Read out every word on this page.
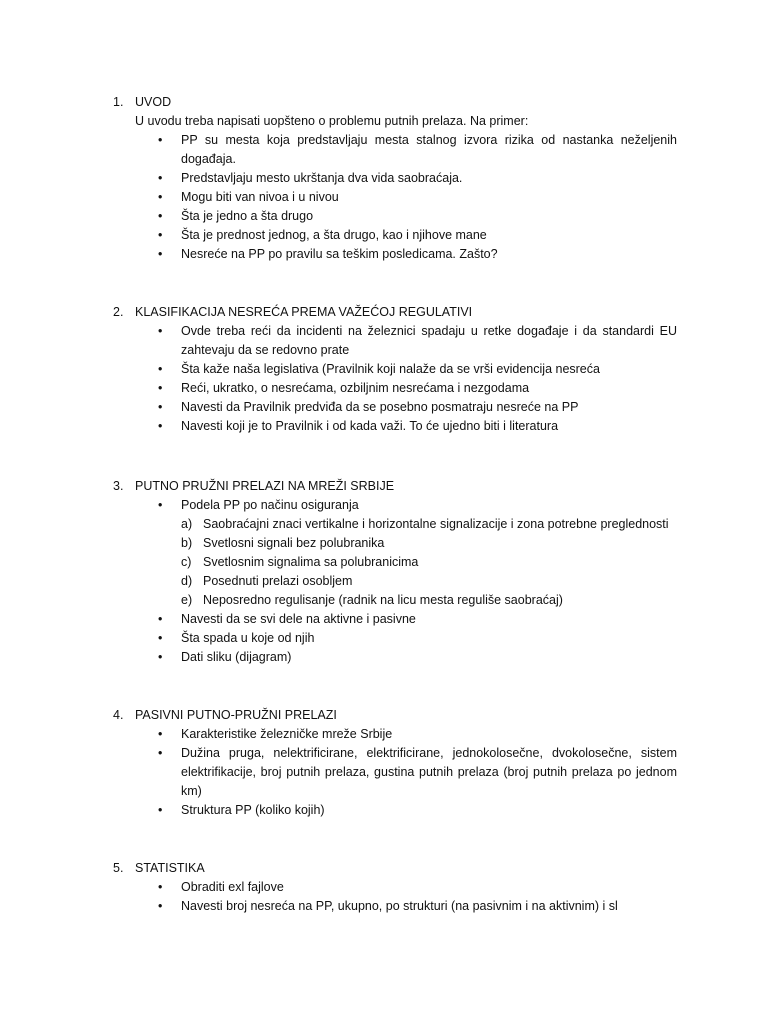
1. UVOD
U uvodu treba napisati uopšteno o problemu putnih prelaza. Na primer:
• PP su mesta koja predstavljaju mesta stalnog izvora rizika od nastanka neželjenih događaja.
• Predstavljaju mesto ukrštanja dva vida saobraćaja.
• Mogu biti van nivoa i u nivou
• Šta je jedno a šta drugo
• Šta je prednost jednog, a šta drugo, kao i njihove mane
• Nesreće na PP po pravilu sa teškim posledicama. Zašto?
2. KLASIFIKACIJA NESREĆA PREMA VAŽEĆOJ REGULATIVI
• Ovde treba reći da incidenti na železnici spadaju u retke događaje i da standardi EU zahtevaju da se redovno prate
• Šta kaže naša legislativa (Pravilnik koji nalaže da se vrši evidencija nesreća
• Reći, ukratko, o nesrećama, ozbiljnim nesrećama i nezgodama
• Navesti da Pravilnik predviđa da se posebno posmatraju nesreće na PP
• Navesti koji je to Pravilnik i od kada važi. To će ujedno biti i literatura
3. PUTNO PRUŽNI PRELAZI NA MREŽI SRBIJE
• Podela PP po načinu osiguranja
a) Saobraćajni znaci vertikalne i horizontalne signalizacije i zona potrebne preglednosti
b) Svetlosni signali bez polubranika
c) Svetlosnim signalima sa polubranicima
d) Posednuti prelazi osobljem
e) Neposredno regulisanje (radnik na licu mesta reguliše saobraćaj)
• Navesti da se svi dele na aktivne i pasivne
• Šta spada u koje od njih
• Dati sliku (dijagram)
4. PASIVNI PUTNO-PRUŽNI PRELAZI
• Karakteristike železničke mreže Srbije
• Dužina pruga, nelektrificirane, elektrificirane, jednokolosečne, dvokolosečne, sistem elektrifikacije, broj putnih prelaza, gustina putnih prelaza (broj putnih prelaza po jednom km)
• Struktura PP (koliko kojih)
5. STATISTIKA
• Obraditi exl fajlove
• Navesti broj nesreća na PP, ukupno, po strukturi (na pasivnim i na aktivnim) i sl
